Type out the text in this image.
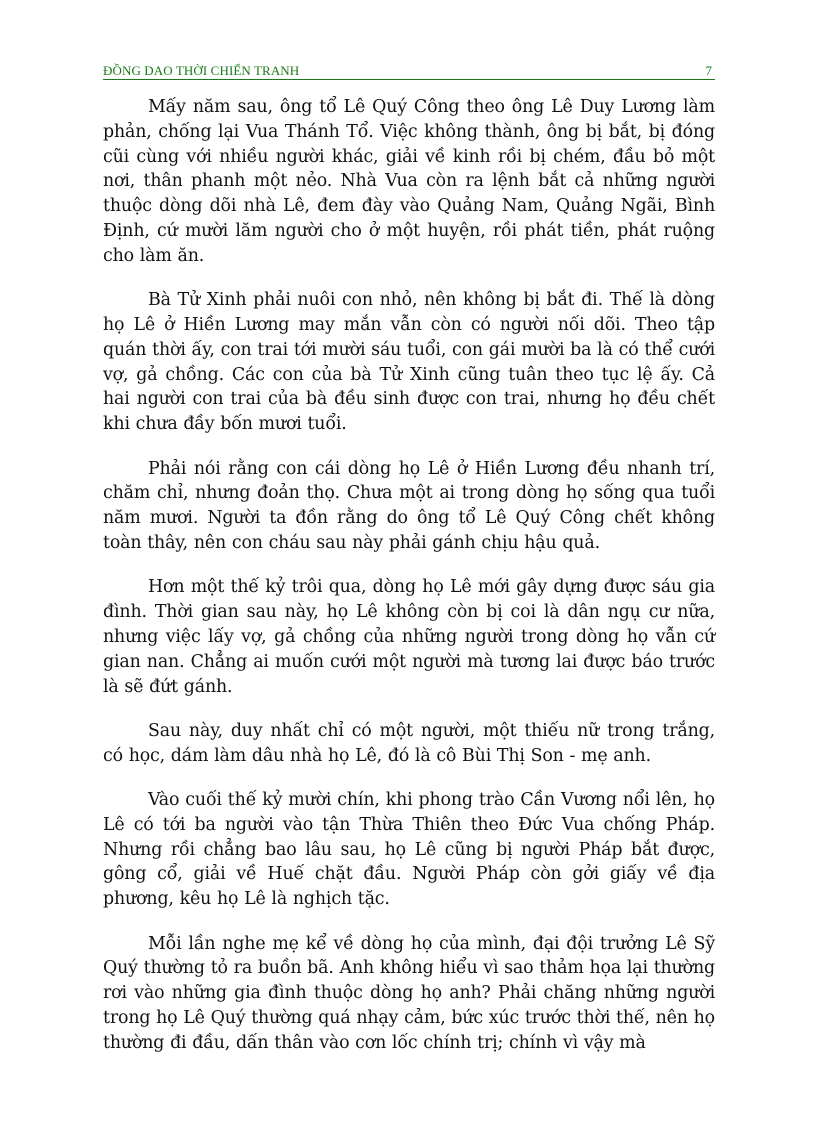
ĐỒNG DAO THỜI CHIẾN TRANH	7

Mấy năm sau, ông tổ Lê Quý Công theo ông Lê Duy Lương làm phản, chống lại Vua Thánh Tổ. Việc không thành, ông bị bắt, bị đóng cũi cùng với nhiều người khác, giải về kinh rồi bị chém, đầu bỏ một nơi, thân phanh một nẻo. Nhà Vua còn ra lệnh bắt cả những người thuộc dòng dõi nhà Lê, đem đày vào Quảng Nam, Quảng Ngãi, Bình Định, cứ mười lăm người cho ở một huyện, rồi phát tiền, phát ruộng cho làm ăn.

Bà Tử Xinh phải nuôi con nhỏ, nên không bị bắt đi. Thế là dòng họ Lê ở Hiền Lương may mắn vẫn còn có người nối dõi. Theo tập quán thời ấy, con trai tới mười sáu tuổi, con gái mười ba là có thể cưới vợ, gả chồng. Các con của bà Tử Xinh cũng tuân theo tục lệ ấy. Cả hai người con trai của bà đều sinh được con trai, nhưng họ đều chết khi chưa đầy bốn mươi tuổi.

Phải nói rằng con cái dòng họ Lê ở Hiền Lương đều nhanh trí, chăm chỉ, nhưng đoản thọ. Chưa một ai trong dòng họ sống qua tuổi năm mươi. Người ta đồn rằng do ông tổ Lê Quý Công chết không toàn thây, nên con cháu sau này phải gánh chịu hậu quả.

Hơn một thế kỷ trôi qua, dòng họ Lê mới gây dựng được sáu gia đình. Thời gian sau này, họ Lê không còn bị coi là dân ngụ cư nữa, nhưng việc lấy vợ, gả chồng của những người trong dòng họ vẫn cứ gian nan. Chẳng ai muốn cưới một người mà tương lai được báo trước là sẽ đứt gánh.

Sau này, duy nhất chỉ có một người, một thiếu nữ trong trắng, có học, dám làm dâu nhà họ Lê, đó là cô Bùi Thị Son - mẹ anh.

Vào cuối thế kỷ mười chín, khi phong trào Cần Vương nổi lên, họ Lê có tới ba người vào tận Thừa Thiên theo Đức Vua chống Pháp. Nhưng rồi chẳng bao lâu sau, họ Lê cũng bị người Pháp bắt được, gông cổ, giải về Huế chặt đầu. Người Pháp còn gởi giấy về địa phương, kêu họ Lê là nghịch tặc.

Mỗi lần nghe mẹ kể về dòng họ của mình, đại đội trưởng Lê Sỹ Quý thường tỏ ra buồn bã. Anh không hiểu vì sao thảm họa lại thường rơi vào những gia đình thuộc dòng họ anh? Phải chăng những người trong họ Lê Quý thường quá nhạy cảm, bức xúc trước thời thế, nên họ thường đi đầu, dấn thân vào cơn lốc chính trị; chính vì vậy mà
